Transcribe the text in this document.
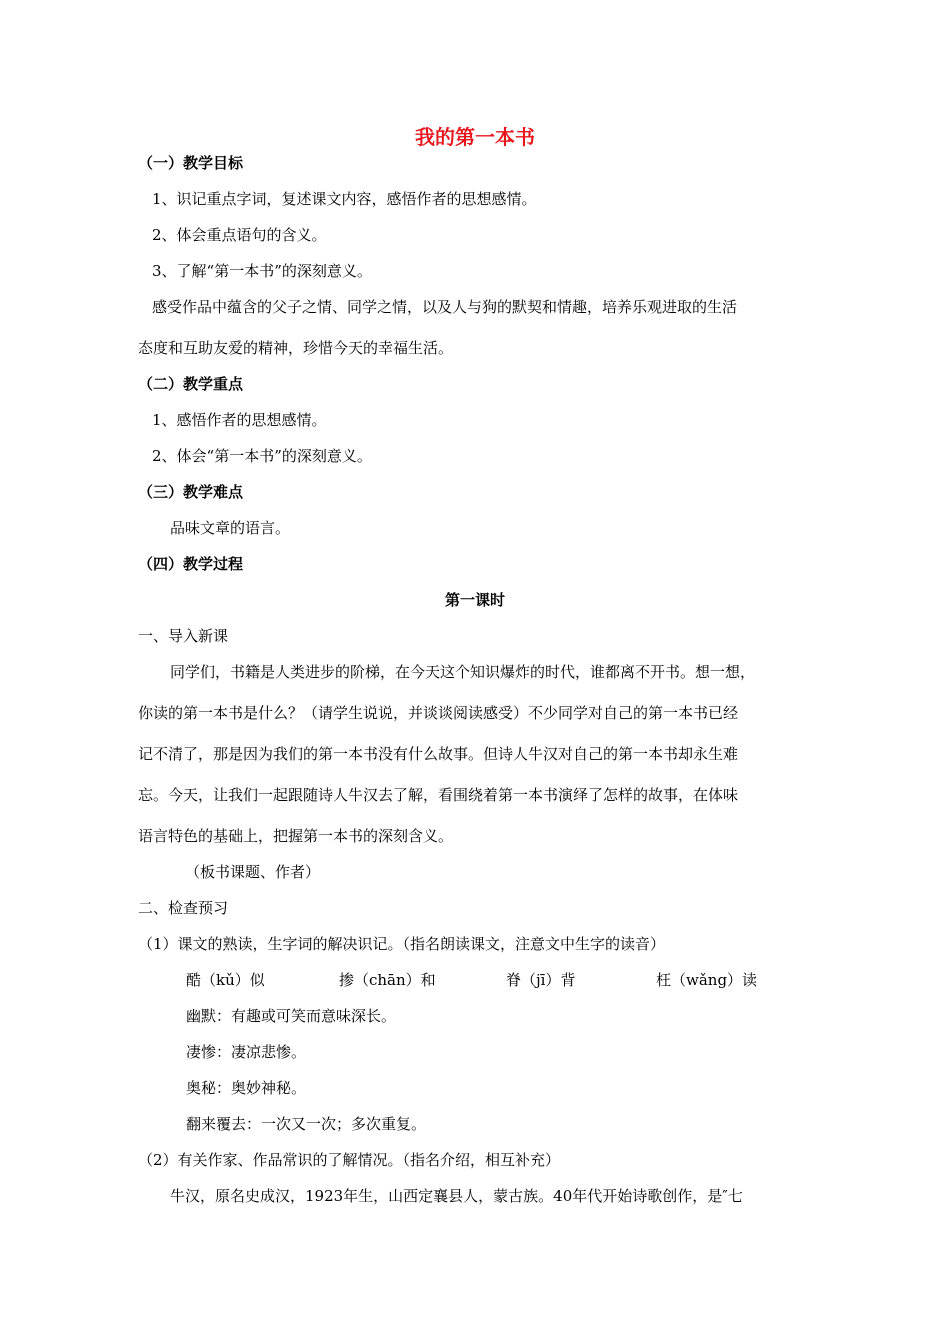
我的第一本书
（一）教学目标
1、识记重点字词，复述课文内容，感悟作者的思想感情。
2、体会重点语句的含义。
3、了解“第一本书”的深刻意义。
感受作品中蕴含的父子之情、同学之情，以及人与狗的默契和情趣，培养乐观进取的生活
态度和互助友爱的精神，珍惜今天的幸福生活。
（二）教学重点
1、感悟作者的思想感情。
2、体会“第一本书”的深刻意义。
（三）教学难点
品味文章的语言。
（四）教学过程
第一课时
一、导入新课
同学们，书籍是人类进步的阶梯，在今天这个知识爆炸的时代，谁都离不开书。想一想，
你读的第一本书是什么？（请学生说说，并谈谈阅读感受）不少同学对自己的第一本书已经
记不清了，那是因为我们的第一本书没有什么故事。但诗人牛汉对自己的第一本书却永生难
忘。今天，让我们一起跟随诗人牛汉去了解，看围绕着第一本书演绎了怎样的故事，在体味
语言特色的基础上，把握第一本书的深刻含义。
（板书课题、作者）
二、检查预习
（1）课文的熟读，生字词的解决识记。（指名朗读课文，注意文中生字的读音）
酷（kǔ）似	掺（chān）和	脊（jī）背	枉（wǎng）读
幽默：有趣或可笑而意味深长。
凄惨：凄凉悲惨。
奥秘：奥妙神秘。
翻来覆去：一次又一次；多次重复。
（2）有关作家、作品常识的了解情况。（指名介绍，相互补充）
牛汉，原名史成汉，1923年生，山西定襄县人，蒙古族。40年代开始诗歌创作，是″七
